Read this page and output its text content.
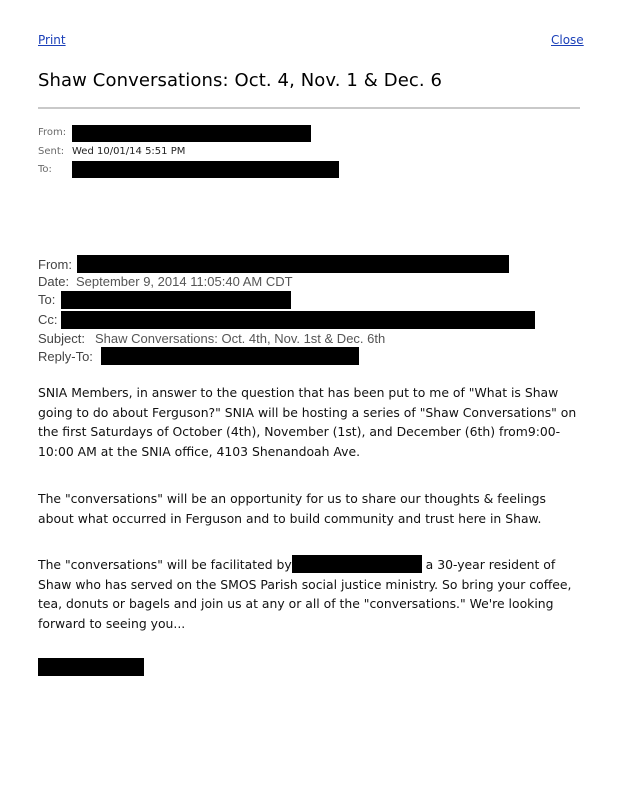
Print	Close
Shaw Conversations: Oct. 4, Nov. 1 & Dec. 6
From:
Sent: Wed 10/01/14 5:51 PM
To:
From:
Date: September 9, 2014 11:05:40 AM CDT
To:
Cc:
Subject: Shaw Conversations: Oct. 4th, Nov. 1st & Dec. 6th
Reply-To:
SNIA Members, in answer to the question that has been put to me of "What is Shaw
going to do about Ferguson?" SNIA will be hosting a series of "Shaw Conversations" on
the first Saturdays of October (4th), November (1st), and December (6th) from9:00-
10:00 AM at the SNIA office, 4103 Shenandoah Ave.
The "conversations" will be an opportunity for us to share our thoughts & feelings
about what occurred in Ferguson and to build community and trust here in Shaw.
The "conversations" will be facilitated by	a 30-year resident of
Shaw who has served on the SMOS Parish social justice ministry. So bring your coffee,
tea, donuts or bagels and join us at any or all of the "conversations." We're looking
forward to seeing you...
